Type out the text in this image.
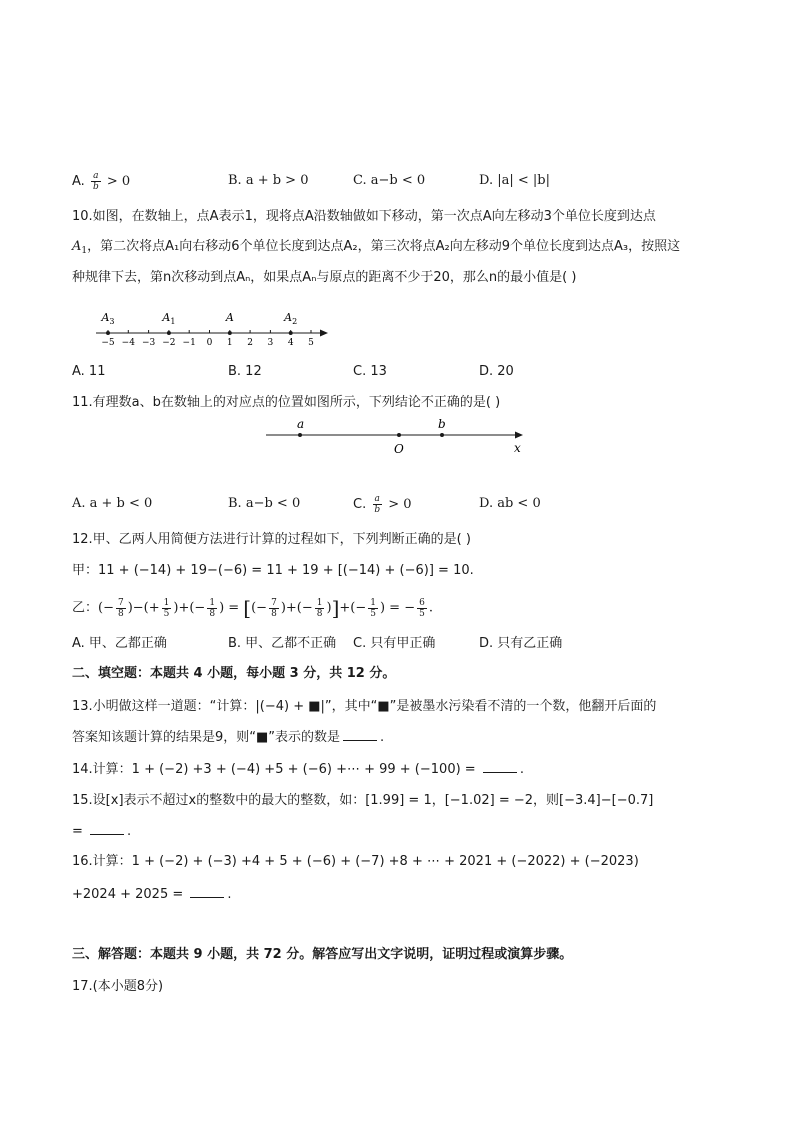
A. $\frac{a}{b} > 0$	B. a + b > 0	C. a−b < 0	D. |a| < |b|
10.如图，在数轴上，点A表示1，现将点A沿数轴做如下移动，第一次点A向左移动3个单位长度到达点
$A_1$，第二次将点A₁向右移动6个单位长度到达点A₂，第三次将点A₂向左移动9个单位长度到达点A₃，按照这
种规律下去，第n次移动到点Aₙ，如果点Aₙ与原点的距离不少于20，那么n的最小值是( )
−5 −4 −3 −2 −1 0 1 2 3 4 5
$A_3$	$A_1$	A	$A_2$
A. 11	B. 12	C. 13	D. 20
11.有理数a、b在数轴上的对应点的位置如图所示，下列结论不正确的是( )
a	b
O	x
A. a + b < 0	B. a−b < 0	C. $\frac{a}{b} > 0$	D. ab < 0
12.甲、乙两人用简便方法进行计算的过程如下，下列判断正确的是( )
甲：11 + (−14) + 19−(−6) = 11 + 19 + [(−14) + (−6)] = 10.
乙：(− $\frac{7}{8}$ )−(+ $\frac{1}{5}$ )+(− $\frac{1}{8}$ ) = [(− $\frac{7}{8}$ )+(− $\frac{1}{8}$ )]+(− $\frac{1}{5}$ ) = − $\frac{6}{5}$ .
A. 甲、乙都正确	B. 甲、乙都不正确 C. 只有甲正确	D. 只有乙正确
二、填空题：本题共 4 小题，每小题 3 分，共 12 分。
13.小明做这样一道题：“计算：|(−4) + ■|”，其中“■”是被墨水污染看不清的一个数，他翻开后面的
答案知该题计算的结果是9，则“■”表示的数是	.
14.计算：1 + (−2) +3 + (−4) +5 + (−6) +⋯ + 99 + (−100) =	.
15.设[x]表示不超过x的整数中的最大的整数，如：[1.99] = 1，[−1.02] = −2，则[−3.4]−[−0.7]
=	.
16.计算：1 + (−2) + (−3) +4 + 5 + (−6) + (−7) +8 + ⋯ + 2021 + (−2022) + (−2023)
+2024 + 2025 =	.
三、解答题：本题共 9 小题，共 72 分。解答应写出文字说明，证明过程或演算步骤。
17.(本小题8分)
